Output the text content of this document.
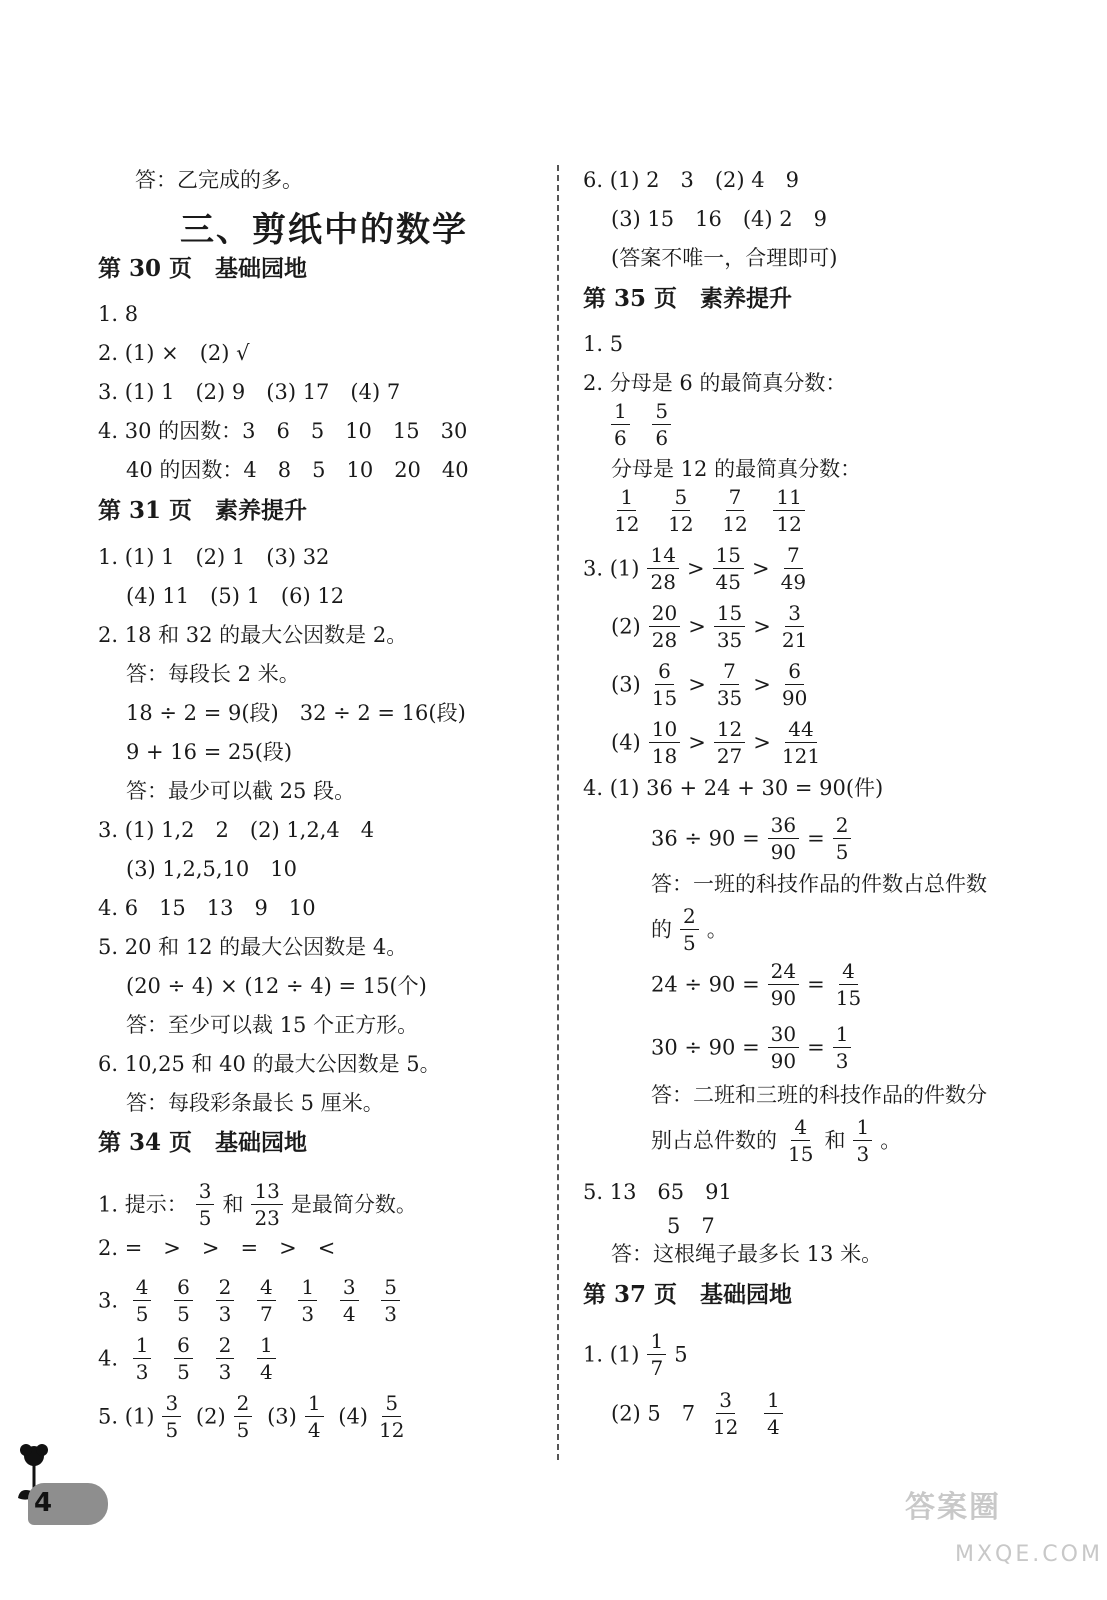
答：乙完成的多。
三、剪纸中的数学
第 30 页　基础园地
1. 8
2. (1) ×　(2) √
3. (1) 1　(2) 9　(3) 17　(4) 7
4. 30 的因数：3　6　5　10　15　30
40 的因数：4　8　5　10　20　40
第 31 页　素养提升
1. (1) 1　(2) 1　(3) 32
(4) 11　(5) 1　(6) 12
2. 18 和 32 的最大公因数是 2。
答：每段长 2 米。
18 ÷ 2 = 9(段)　32 ÷ 2 = 16(段)
9 + 16 = 25(段)
答：最少可以截 25 段。
3. (1) 1,2　2　(2) 1,2,4　4
(3) 1,2,5,10　10
4. 6　15　13　9　10
5. 20 和 12 的最大公因数是 4。
(20 ÷ 4) × (12 ÷ 4) = 15(个)
答：至少可以裁 15 个正方形。
6. 10,25 和 40 的最大公因数是 5。
答：每段彩条最长 5 厘米。
第 34 页　基础园地
1. 提示： $\frac{3}{5}$ 和 $\frac{13}{23}$ 是最简分数。
2. =　>　>　=　>　<
3. $\frac{4}{5}$
$\frac{6}{5}$
$\frac{2}{3}$
$\frac{4}{7}$
$\frac{1}{3}$
$\frac{3}{4}$
$\frac{5}{3}$
4. $\frac{1}{3}$
$\frac{6}{5}$
$\frac{2}{3}$
$\frac{1}{4}$
5. $(1) \frac{3}{5} (2) \frac{2}{5} (3) \frac{1}{4} (4) \frac{5}{12}$
6. (1) 2　3　(2) 4　9
(3) 15　16　(4) 2　9
(答案不唯一，合理即可)
第 35 页　素养提升
1. 5
2. 分母是 6 的最简真分数：
$\frac{1}{6}$
$\frac{5}{6}$
分母是 12 的最简真分数：
$\frac{1}{12}$
$\frac{5}{12}$
$\frac{7}{12}$
$\frac{11}{12}$
3. $(1) \frac{14}{28} > \frac{15}{45} > \frac{7}{49}$
$(2) \frac{20}{28} > \frac{15}{35} > \frac{3}{21}$
$(3) \frac{6}{15} > \frac{7}{35} > \frac{6}{90}$
$(4) \frac{10}{18} > \frac{12}{27} > \frac{44}{121}$
4. (1) 36 + 24 + 30 = 90(件)
$36 \div 90 = \frac{36}{90} = \frac{2}{5}$
答：一班的科技作品的件数占总件数
的 $\frac{2}{5}$ 。
$24 \div 90 = \frac{24}{90} = \frac{4}{15}$
$30 \div 90 = \frac{30}{90} = \frac{1}{3}$
答：二班和三班的科技作品的件数分
别占总件数的 $\frac{4}{15}$ 和 $\frac{1}{3}$ 。
5. 13　65　91
5　7
答：这根绳子最多长 13 米。
第 37 页　基础园地
1. $(1) \frac{1}{7} 5$
(2) 5　$7 \frac{3}{12}$
$\frac{1}{4}$
4	答案圈
MXQE.COM
